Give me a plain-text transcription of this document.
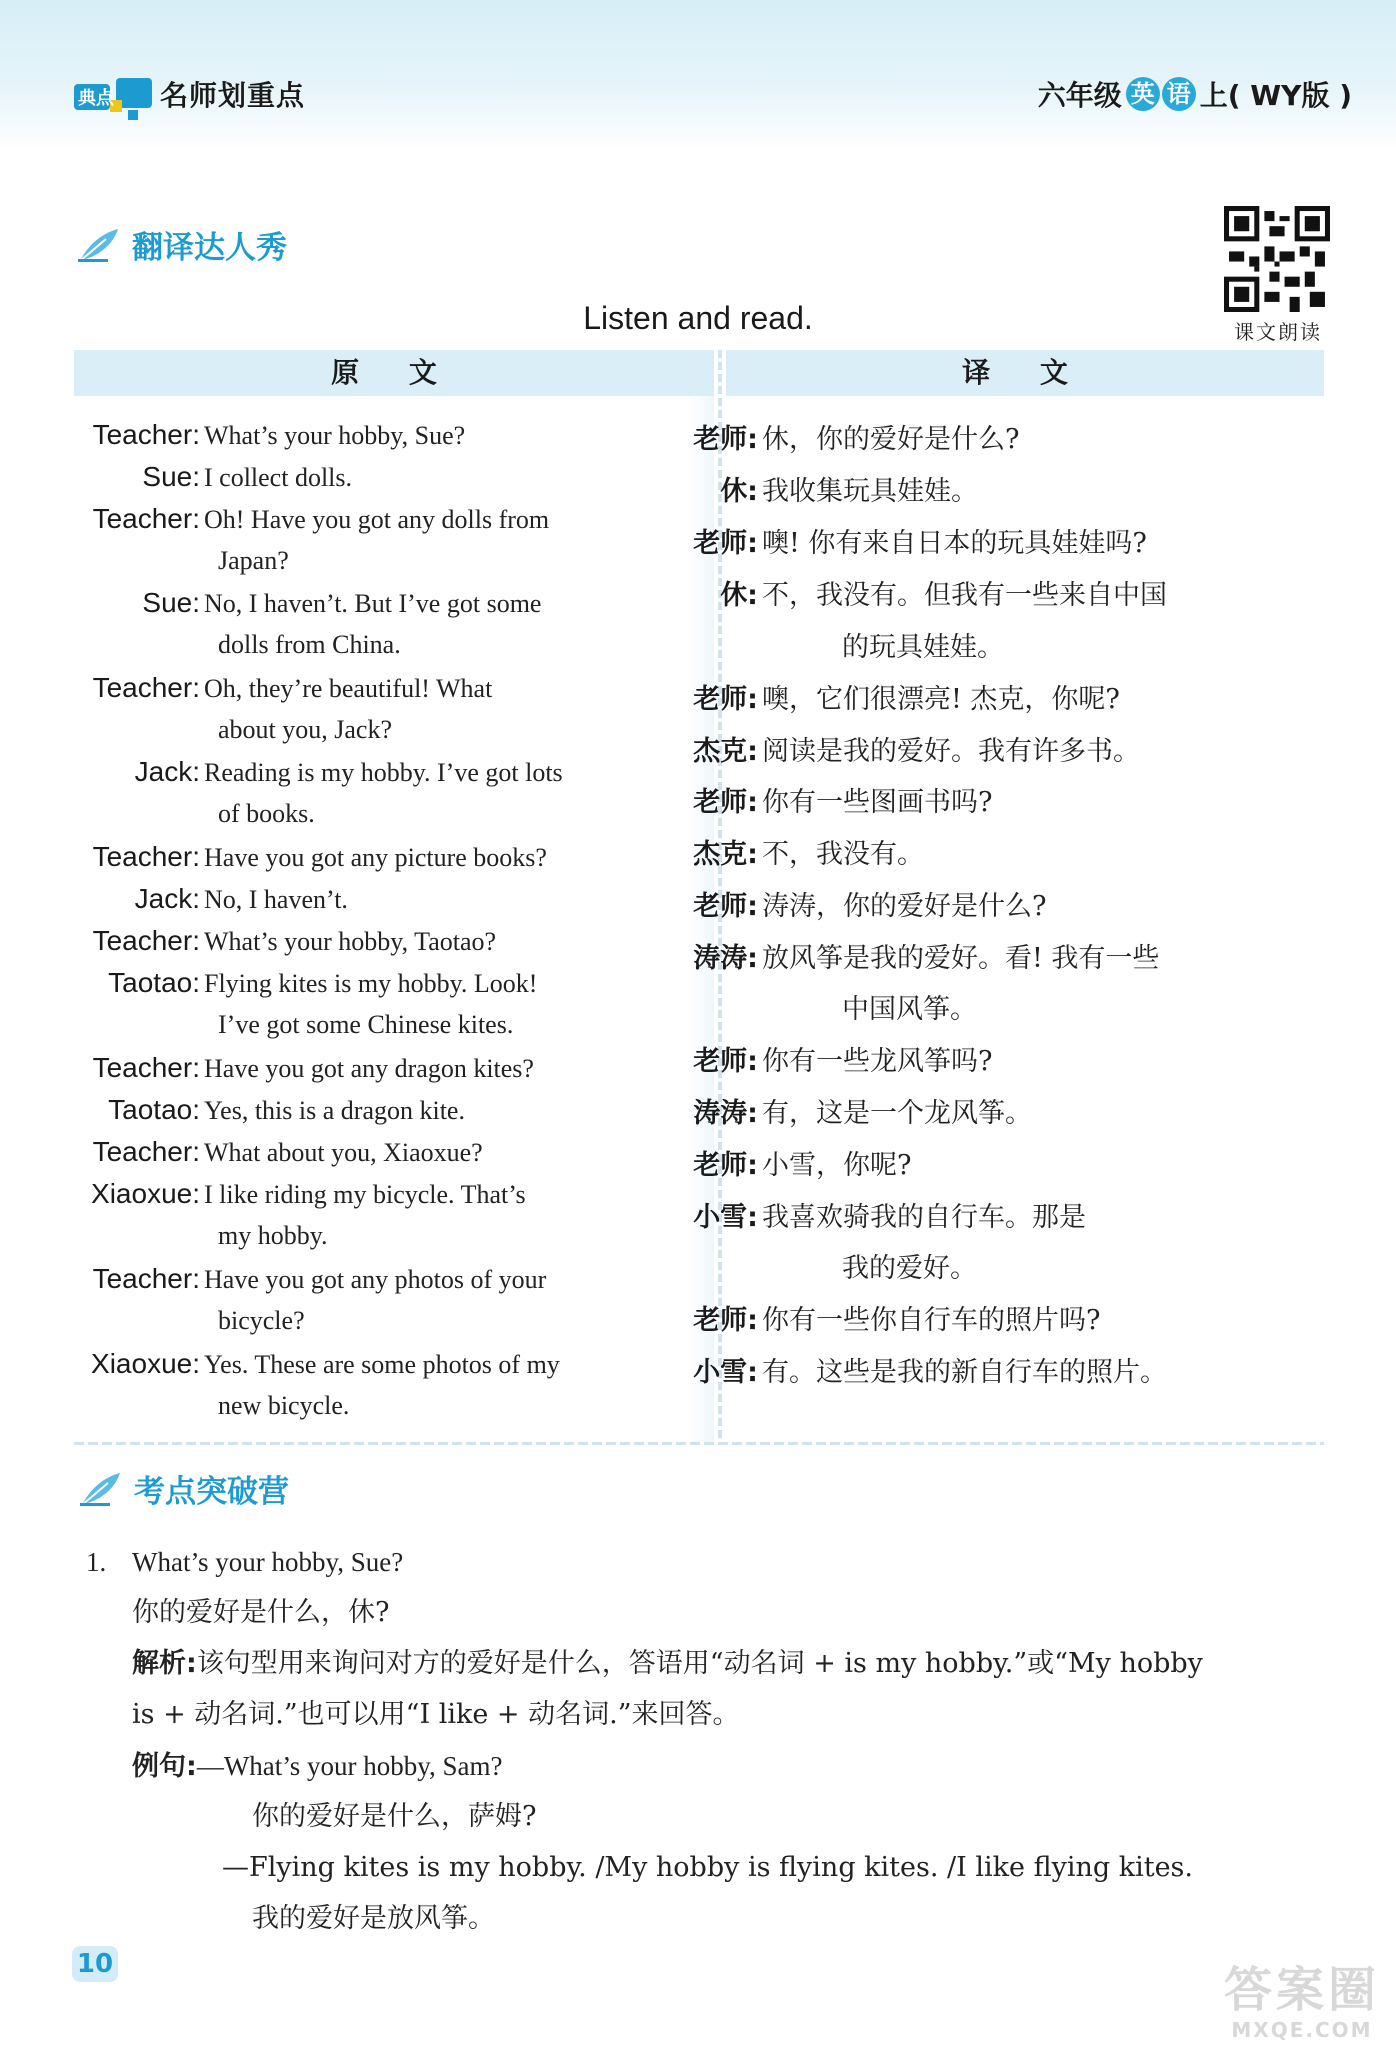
典点 名师划重点	六年级 英 语 上( WY版 )
翻译达人秀
课文朗读
Listen and read.
原 文	译 文
Teacher: What’s your hobby, Sue?
Sue: I collect dolls.
Teacher: Oh! Have you got any dolls from
Japan?
Sue: No, I haven’t. But I’ve got some
dolls from China.
Teacher: Oh, they’re beautiful! What
about you, Jack?
Jack: Reading is my hobby. I’ve got lots
of books.
Teacher: Have you got any picture books?
Jack: No, I haven’t.
Teacher: What’s your hobby, Taotao?
Taotao: Flying kites is my hobby. Look!
I’ve got some Chinese kites.
Teacher: Have you got any dragon kites?
Taotao: Yes, this is a dragon kite.
Teacher: What about you, Xiaoxue?
Xiaoxue: I like riding my bicycle. That’s
my hobby.
Teacher: Have you got any photos of your
bicycle?
Xiaoxue: Yes. These are some photos of my
new bicycle.
老师: 休，你的爱好是什么?
休: 我收集玩具娃娃。
老师: 噢! 你有来自日本的玩具娃娃吗?
休: 不，我没有。但我有一些来自中国
的玩具娃娃。
老师: 噢，它们很漂亮! 杰克，你呢?
杰克: 阅读是我的爱好。我有许多书。
老师: 你有一些图画书吗?
杰克: 不，我没有。
老师: 涛涛，你的爱好是什么?
涛涛: 放风筝是我的爱好。看! 我有一些
中国风筝。
老师: 你有一些龙风筝吗?
涛涛: 有，这是一个龙风筝。
老师: 小雪，你呢?
小雪: 我喜欢骑我的自行车。那是
我的爱好。
老师: 你有一些你自行车的照片吗?
小雪: 有。这些是我的新自行车的照片。
考点突破营
1. What’s your hobby, Sue?
你的爱好是什么，休?
解析:该句型用来询问对方的爱好是什么，答语用“动名词 + is my hobby.”或“My hobby
is + 动名词.”也可以用“I like + 动名词.”来回答。
例句:—What’s your hobby, Sam?
你的爱好是什么，萨姆?
—Flying kites is my hobby. /My hobby is flying kites. /I like flying kites.
我的爱好是放风筝。
10	答案圈
MXQE.COM
